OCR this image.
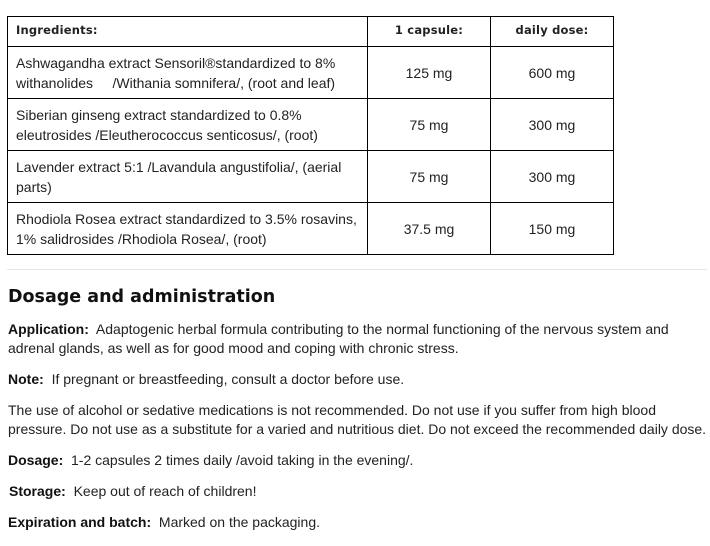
Ingredients:	1 capsule:	daily dose:
Ashwagandha extract Sensoril®standardized to 8%
withanolides     /Withania somnifera/, (root and leaf)	125 mg	600 mg
Siberian ginseng extract standardized to 0.8%
eleutrosides /Eleutherococcus senticosus/, (root)	75 mg	300 mg
Lavender extract 5:1 /Lavandula angustifolia/, (aerial
parts)	75 mg	300 mg
Rhodiola Rosea extract standardized to 3.5% rosavins,
1% salidrosides /Rhodiola Rosea/, (root)	37.5 mg	150 mg
Dosage and administration

Application: Adaptogenic herbal formula contributing to the normal functioning of the nervous system and adrenal glands, as well as for good mood and coping with chronic stress.

Note: If pregnant or breastfeeding, consult a doctor before use.

The use of alcohol or sedative medications is not recommended. Do not use if you suffer from high blood pressure. Do not use as a substitute for a varied and nutritious diet. Do not exceed the recommended daily dose.

Dosage: 1-2 capsules 2 times daily /avoid taking in the evening/.

Storage: Keep out of reach of children!

Expiration and batch: Marked on the packaging.
